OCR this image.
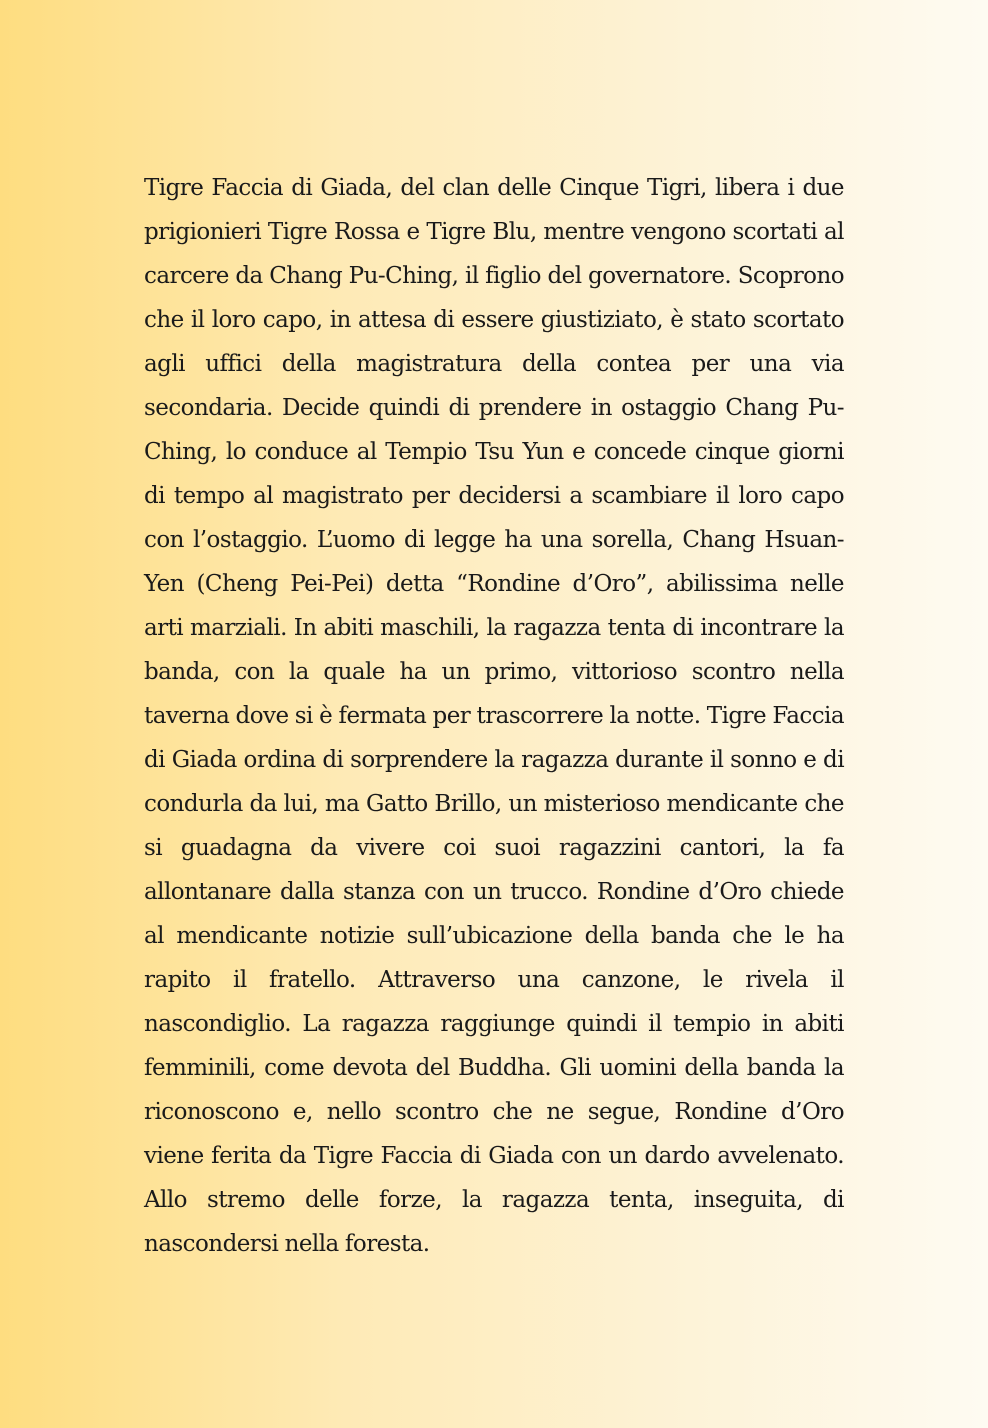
Tigre Faccia di Giada, del clan delle Cinque Tigri, libera i due prigionieri Tigre Rossa e Tigre Blu, mentre vengono scortati al carcere da Chang Pu-Ching, il figlio del governatore. Scoprono che il loro capo, in attesa di essere giustiziato, è stato scortato agli uffici della magistratura della contea per una via secondaria. Decide quindi di prendere in ostaggio Chang Pu-Ching, lo conduce al Tempio Tsu Yun e concede cinque giorni di tempo al magistrato per decidersi a scambiare il loro capo con l’ostaggio. L’uomo di legge ha una sorella, Chang Hsuan-Yen (Cheng Pei-Pei) detta “Rondine d’Oro”, abilissima nelle arti marziali. In abiti maschili, la ragazza tenta di incontrare la banda, con la quale ha un primo, vittorioso scontro nella taverna dove si è fermata per trascorrere la notte. Tigre Faccia di Giada ordina di sorprendere la ragazza durante il sonno e di condurla da lui, ma Gatto Brillo, un misterioso mendicante che si guadagna da vivere coi suoi ragazzini cantori, la fa allontanare dalla stanza con un trucco. Rondine d’Oro chiede al mendicante notizie sull’ubicazione della banda che le ha rapito il fratello. Attraverso una canzone, le rivela il nascondiglio. La ragazza raggiunge quindi il tempio in abiti femminili, come devota del Buddha. Gli uomini della banda la riconoscono e, nello scontro che ne segue, Rondine d’Oro viene ferita da Tigre Faccia di Giada con un dardo avvelenato. Allo stremo delle forze, la ragazza tenta, inseguita, di nascondersi nella foresta.
